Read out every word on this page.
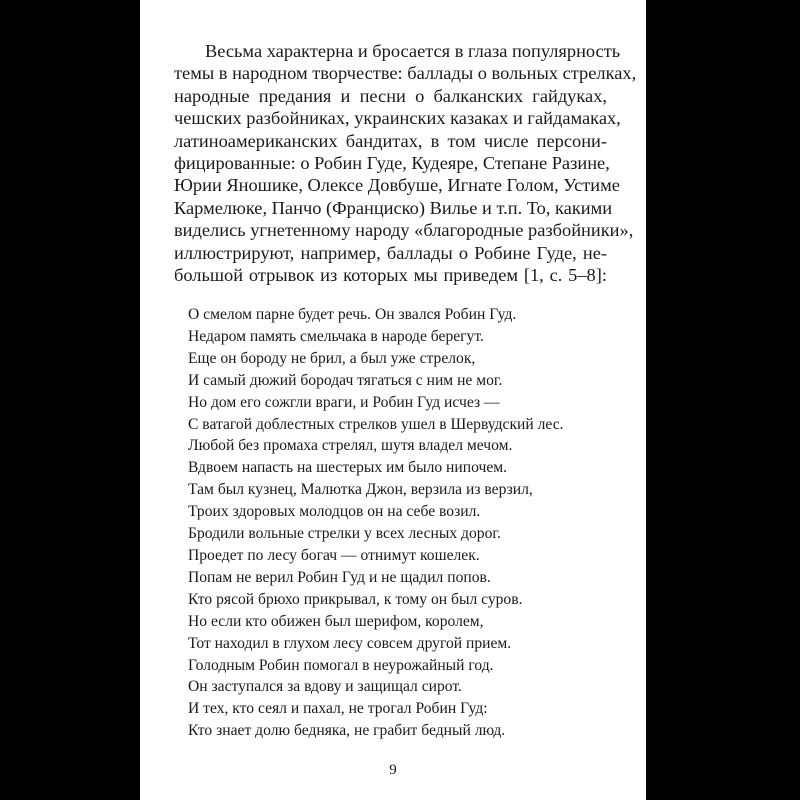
Весьма характерна и бросается в глаза популярность
темы в народном творчестве: баллады о вольных стрелках,
народные предания и песни о балканских гайдуках,
чешских разбойниках, украинских казаках и гайдамаках,
латиноамериканских бандитах, в том числе персони-
фицированные: о Робин Гуде, Кудеяре, Степане Разине,
Юрии Яношике, Олексе Довбуше, Игнате Голом, Устиме
Кармелюке, Панчо (Франциско) Вилье и т.п. То, какими
виделись угнетенному народу «благородные разбойники»,
иллюстрируют, например, баллады о Робине Гуде, не-
большой отрывок из которых мы приведем [1, с. 5–8]:
О смелом парне будет речь. Он звался Робин Гуд.
Недаром память смельчака в народе берегут.
Еще он бороду не брил, а был уже стрелок,
И самый дюжий бородач тягаться с ним не мог.
Но дом его сожгли враги, и Робин Гуд исчез —
С ватагой доблестных стрелков ушел в Шервудский лес.
Любой без промаха стрелял, шутя владел мечом.
Вдвоем напасть на шестерых им было нипочем.
Там был кузнец, Малютка Джон, верзила из верзил,
Троих здоровых молодцов он на себе возил.
Бродили вольные стрелки у всех лесных дорог.
Проедет по лесу богач — отнимут кошелек.
Попам не верил Робин Гуд и не щадил попов.
Кто рясой брюхо прикрывал, к тому он был суров.
Но если кто обижен был шерифом, королем,
Тот находил в глухом лесу совсем другой прием.
Голодным Робин помогал в неурожайный год.
Он заступался за вдову и защищал сирот.
И тех, кто сеял и пахал, не трогал Робин Гуд:
Кто знает долю бедняка, не грабит бедный люд.
9
